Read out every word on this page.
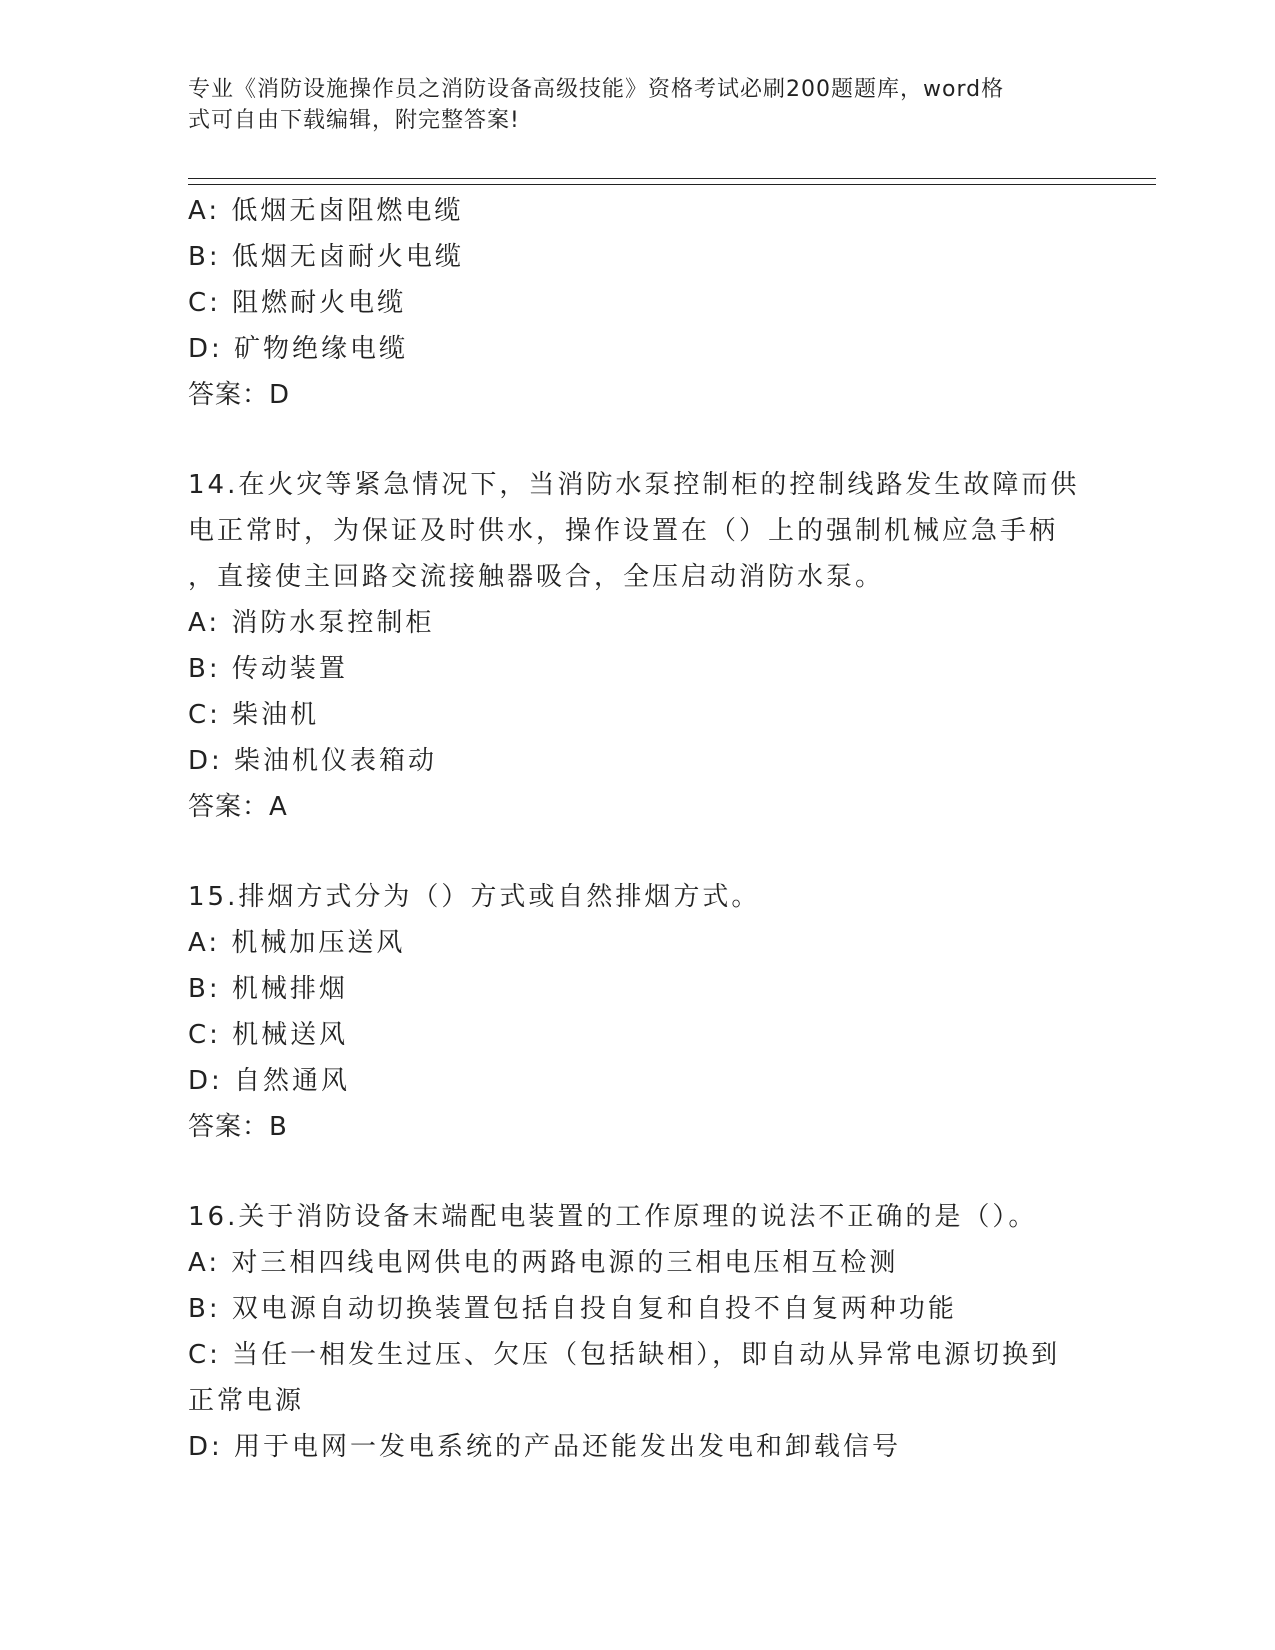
专业《消防设施操作员之消防设备高级技能》资格考试必刷200题题库，word格
式可自由下载编辑，附完整答案!
A: 低烟无卤阻燃电缆
B: 低烟无卤耐火电缆
C: 阻燃耐火电缆
D: 矿物绝缘电缆
答案：D
14.在火灾等紧急情况下，当消防水泵控制柜的控制线路发生故障而供
电正常时，为保证及时供水，操作设置在（）上的强制机械应急手柄
，直接使主回路交流接触器吸合，全压启动消防水泵。
A: 消防水泵控制柜
B: 传动装置
C: 柴油机
D: 柴油机仪表箱动
答案：A
15.排烟方式分为（）方式或自然排烟方式。
A: 机械加压送风
B: 机械排烟
C: 机械送风
D: 自然通风
答案：B
16.关于消防设备末端配电装置的工作原理的说法不正确的是（）。
A: 对三相四线电网供电的两路电源的三相电压相互检测
B: 双电源自动切换装置包括自投自复和自投不自复两种功能
C: 当任一相发生过压、欠压（包括缺相），即自动从异常电源切换到
正常电源
D: 用于电网一发电系统的产品还能发出发电和卸载信号
